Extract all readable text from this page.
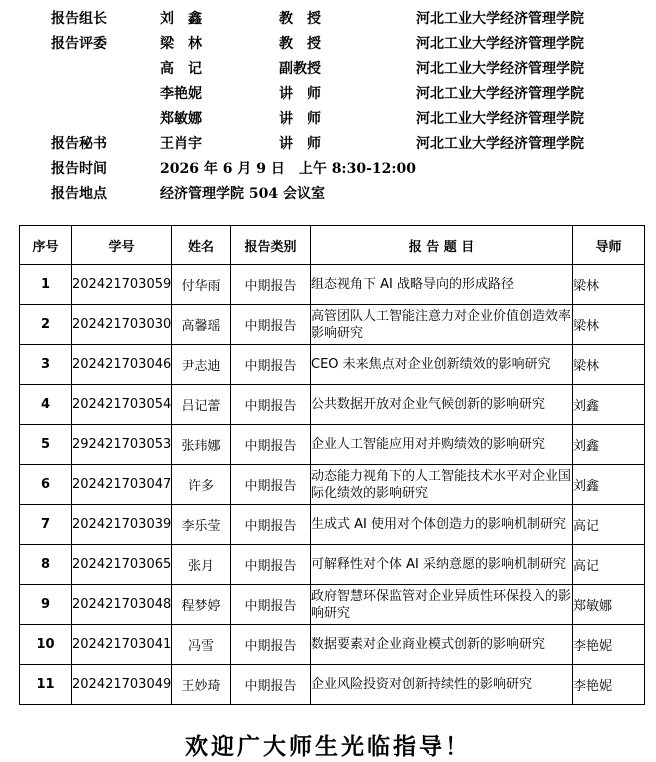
报告组长	刘　鑫	教　授	河北工业大学经济管理学院
报告评委	梁　林	教　授	河北工业大学经济管理学院
高　记	副教授	河北工业大学经济管理学院
李艳妮	讲　师	河北工业大学经济管理学院
郑敏娜	讲　师	河北工业大学经济管理学院
报告秘书	王肖宇	讲　师	河北工业大学经济管理学院
报告时间	2026 年 6 月 9 日　上午 8:30-12:00
报告地点	经济管理学院 504 会议室
序号	学号	姓名	报告类别	报 告 题 目	导师
1	202421703059	付华雨	中期报告	组态视角下 AI 战略导向的形成路径	梁林
2	202421703030	高馨瑶	中期报告	高管团队人工智能注意力对企业价值创造效率影响研究	梁林
3	202421703046	尹志迪	中期报告	CEO 未来焦点对企业创新绩效的影响研究	梁林
4	202421703054	吕记蕾	中期报告	公共数据开放对企业气候创新的影响研究	刘鑫
5	292421703053	张玮娜	中期报告	企业人工智能应用对并购绩效的影响研究	刘鑫
6	202421703047	许多	中期报告	动态能力视角下的人工智能技术水平对企业国际化绩效的影响研究	刘鑫
7	202421703039	李乐莹	中期报告	生成式 AI 使用对个体创造力的影响机制研究	高记
8	202421703065	张月	中期报告	可解释性对个体 AI 采纳意愿的影响机制研究	高记
9	202421703048	程梦婷	中期报告	政府智慧环保监管对企业异质性环保投入的影响研究	郑敏娜
10	202421703041	冯雪	中期报告	数据要素对企业商业模式创新的影响研究	李艳妮
11	202421703049	王妙琦	中期报告	企业风险投资对创新持续性的影响研究	李艳妮
欢迎广大师生光临指导！
